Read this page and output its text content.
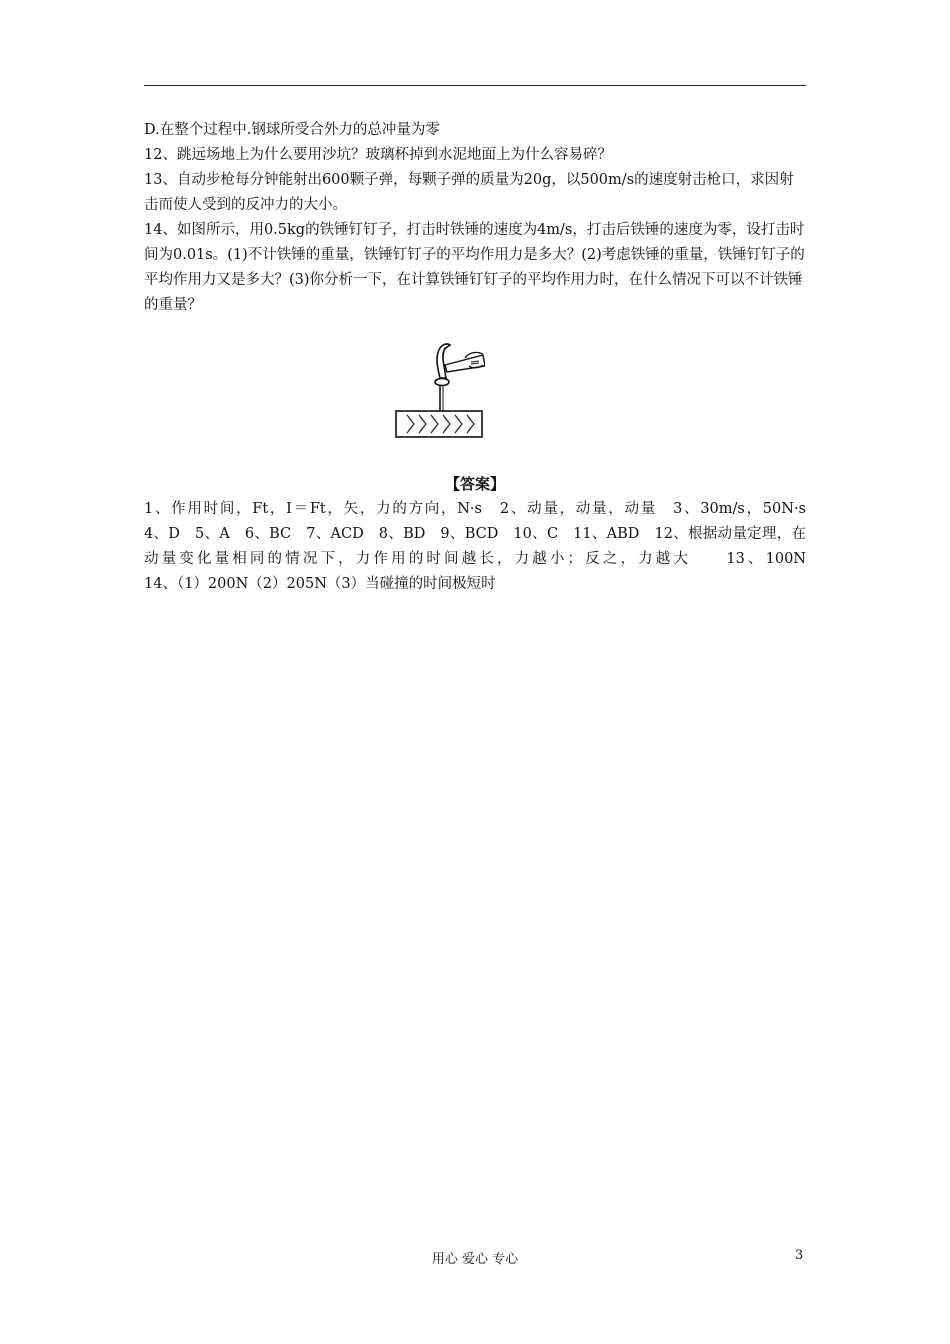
D.在整个过程中.钢球所受合外力的总冲量为零

12、跳远场地上为什么要用沙坑？玻璃杯掉到水泥地面上为什么容易碎？

13、自动步枪每分钟能射出600颗子弹，每颗子弹的质量为20g，以500m/s的速度射击枪口，求因射击而使人受到的反冲力的大小。

14、如图所示，用0.5kg的铁锤钉钉子，打击时铁锤的速度为4m/s，打击后铁锤的速度为零，设打击时间为0.01s。(1)不计铁锤的重量，铁锤钉钉子的平均作用力是多大？(2)考虑铁锤的重量，铁锤钉钉子的平均作用力又是多大？(3)你分析一下，在计算铁锤钉钉子的平均作用力时，在什么情况下可以不计铁锤的重量？

【答案】
1、作用时间，Ft，I＝Ft，矢，力的方向，N·s　2、动量，动量，动量　3、30m/s，50N·s
4、D　5、A　6、BC　7、ACD　8、BD　9、BCD　10、C　11、ABD　12、根据动量定理，在
动量变化量相同的情况下，力作用的时间越长，力越小；反之，力越大　　13、100N
14、（1）200N（2）205N（3）当碰撞的时间极短时
用心 爱心 专心	3
